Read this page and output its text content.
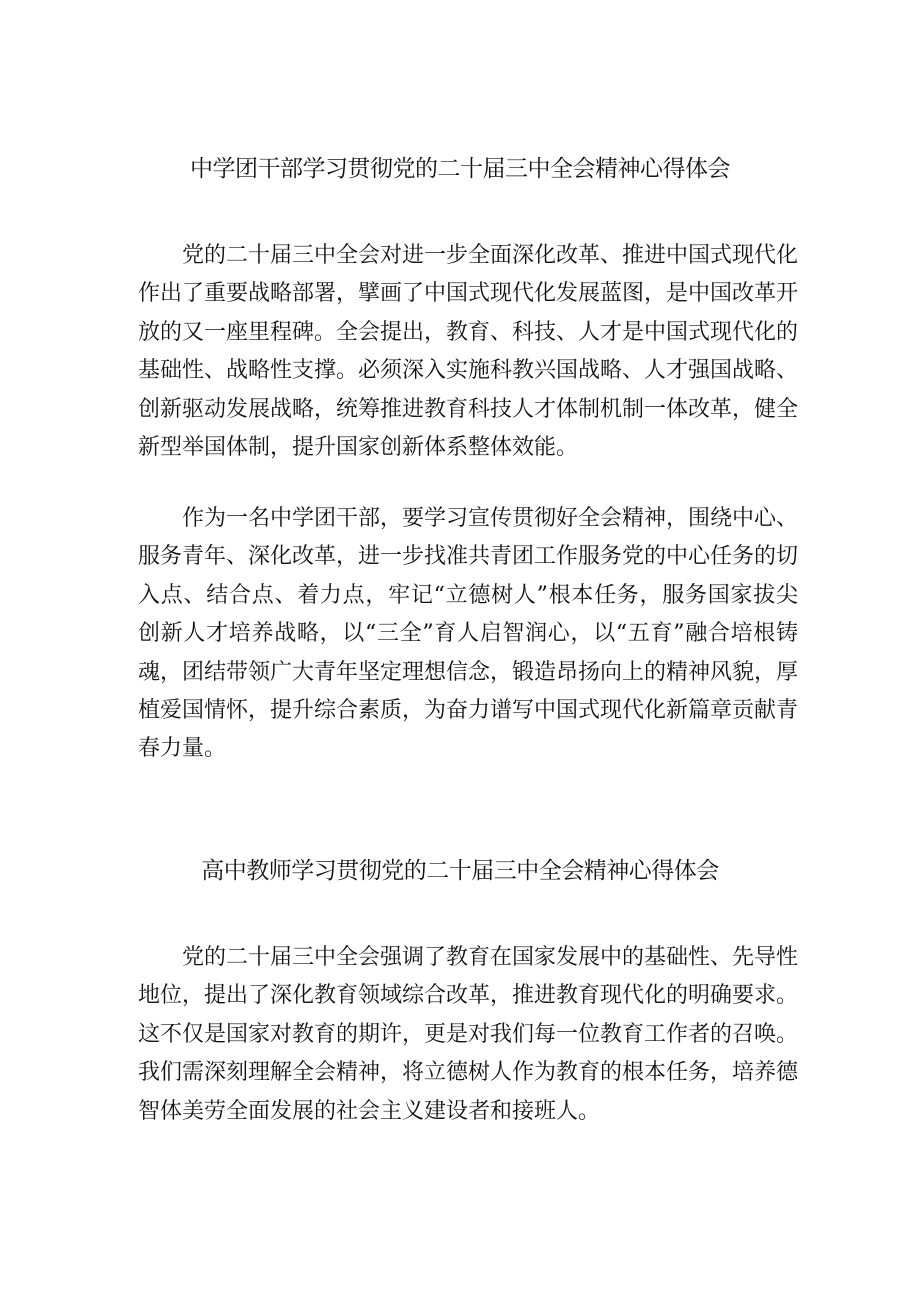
中学团干部学习贯彻党的二十届三中全会精神心得体会

党的二十届三中全会对进一步全面深化改革、推进中国式现代化作出了重要战略部署，擘画了中国式现代化发展蓝图，是中国改革开放的又一座里程碑。全会提出，教育、科技、人才是中国式现代化的基础性、战略性支撑。必须深入实施科教兴国战略、人才强国战略、创新驱动发展战略，统筹推进教育科技人才体制机制一体改革，健全新型举国体制，提升国家创新体系整体效能。

作为一名中学团干部，要学习宣传贯彻好全会精神，围绕中心、服务青年、深化改革，进一步找准共青团工作服务党的中心任务的切入点、结合点、着力点，牢记“立德树人”根本任务，服务国家拔尖创新人才培养战略，以“三全”育人启智润心，以“五育”融合培根铸魂，团结带领广大青年坚定理想信念，锻造昂扬向上的精神风貌，厚植爱国情怀，提升综合素质，为奋力谱写中国式现代化新篇章贡献青春力量。

高中教师学习贯彻党的二十届三中全会精神心得体会

党的二十届三中全会强调了教育在国家发展中的基础性、先导性地位，提出了深化教育领域综合改革，推进教育现代化的明确要求。这不仅是国家对教育的期许，更是对我们每一位教育工作者的召唤。我们需深刻理解全会精神，将立德树人作为教育的根本任务，培养德智体美劳全面发展的社会主义建设者和接班人。
